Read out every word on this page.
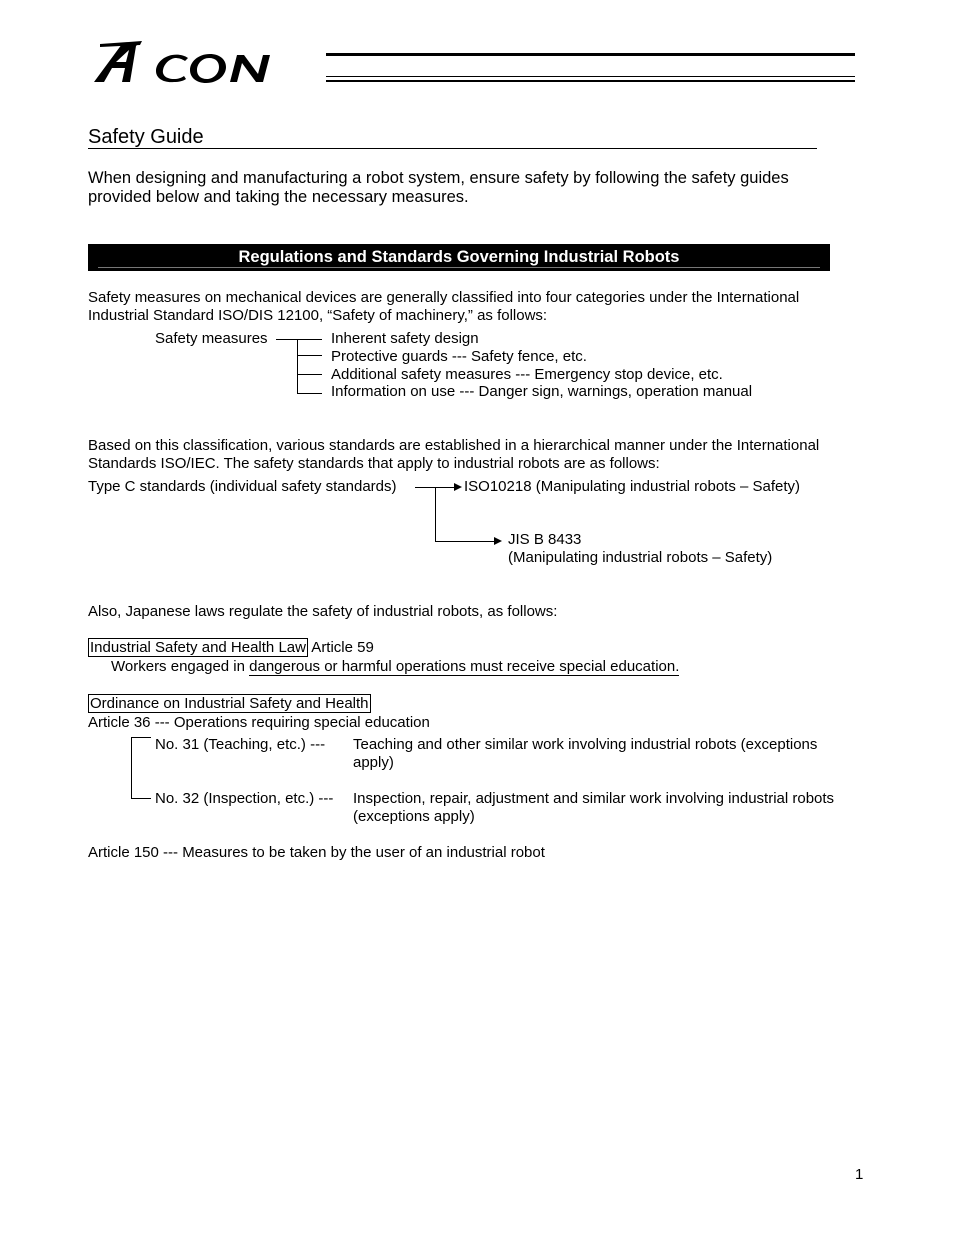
Safety Guide
When designing and manufacturing a robot system, ensure safety by following the safety guides
provided below and taking the necessary measures.
Regulations and Standards Governing Industrial Robots
Safety measures on mechanical devices are generally classified into four categories under the International
Industrial Standard ISO/DIS 12100, “Safety of machinery,” as follows:
Safety measures	Inherent safety design
Protective guards --- Safety fence, etc.
Additional safety measures --- Emergency stop device, etc.
Information on use --- Danger sign, warnings, operation manual
Based on this classification, various standards are established in a hierarchical manner under the International
Standards ISO/IEC. The safety standards that apply to industrial robots are as follows:
Type C standards (individual safety standards)	ISO10218 (Manipulating industrial robots – Safety)
JIS B 8433
(Manipulating industrial robots – Safety)
Also, Japanese laws regulate the safety of industrial robots, as follows:
Industrial Safety and Health Law Article 59
Workers engaged in dangerous or harmful operations must receive special education.
Ordinance on Industrial Safety and Health
Article 36 --- Operations requiring special education
No. 31 (Teaching, etc.) --- Teaching and other similar work involving industrial robots (exceptions
apply)
No. 32 (Inspection, etc.) --- Inspection, repair, adjustment and similar work involving industrial robots
(exceptions apply)
Article 150 --- Measures to be taken by the user of an industrial robot
1
